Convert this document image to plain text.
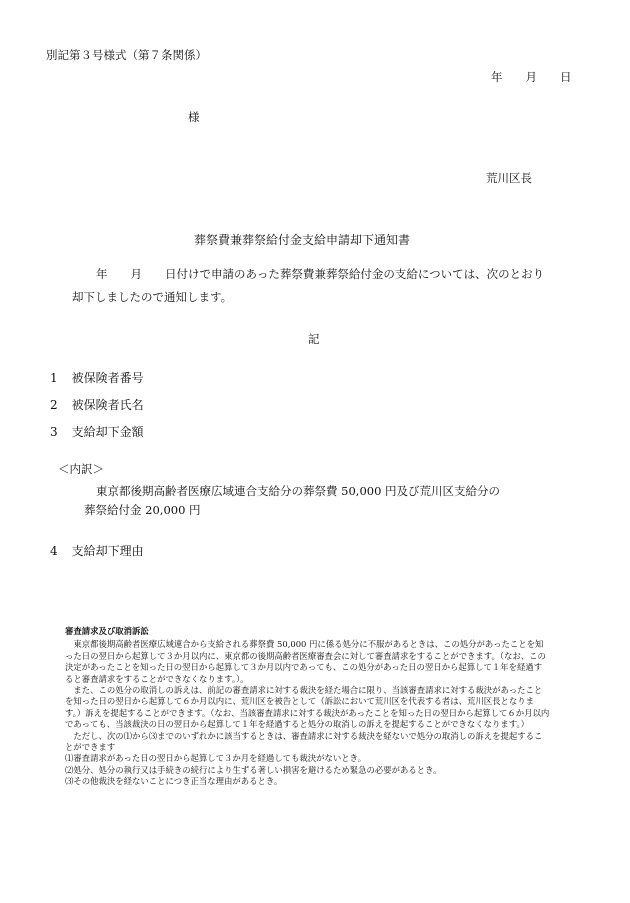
別記第３号様式（第７条関係）
年　　月　　日
様
荒川区長
葬祭費兼葬祭給付金支給申請却下通知書
年　　月　　日付けで申請のあった葬祭費兼葬祭給付金の支給については、次のとおり
却下しましたので通知します。
記
1 被保険者番号
2 被保険者氏名
3 支給却下金額
＜内訳＞
東京都後期高齢者医療広域連合支給分の葬祭費 50,000 円及び荒川区支給分の
葬祭給付金 20,000 円
4 支給却下理由
審査請求及び取消訴訟

東京都後期高齢者医療広域連合から支給される葬祭費 50,000 円に係る処分に不服があるときは、この処分があったことを知った日の翌日から起算して３か月以内に、東京都の後期高齢者医療審査会に対して審査請求をすることができます。（なお、この決定があったことを知った日の翌日から起算して３か月以内であっても、この処分があった日の翌日から起算して１年を経過すると審査請求をすることができなくなります。）。

また、この処分の取消しの訴えは、前記の審査請求に対する裁決を経た場合に限り、当該審査請求に対する裁決があったことを知った日の翌日から起算して６か月以内に、荒川区を被告として（訴訟において荒川区を代表する者は、荒川区長となります。）訴えを提起することができます。（なお、当該審査請求に対する裁決があったことを知った日の翌日から起算して６か月以内であっても、当該裁決の日の翌日から起算して１年を経過すると処分の取消しの訴えを提起することができなくなります。）

ただし、次の⑴から⑶までのいずれかに該当するときは、審査請求に対する裁決を経ないで処分の取消しの訴えを提起することができます

⑴審査請求があった日の翌日から起算して３か月を経過しても裁決がないとき。

⑵処分、処分の執行又は手続きの続行により生ずる著しい損害を避けるため緊急の必要があるとき。

⑶その他裁決を経ないことにつき正当な理由があるとき。
